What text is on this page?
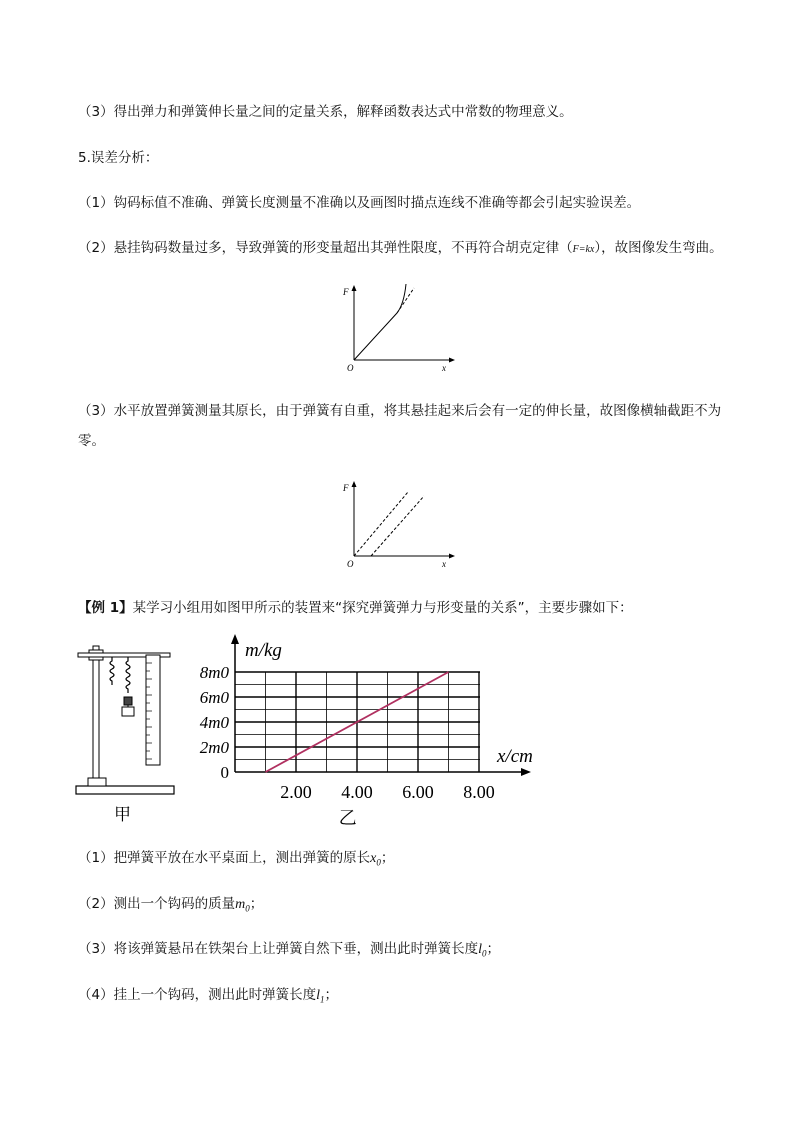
（3）得出弹力和弹簧伸长量之间的定量关系，解释函数表达式中常数的物理意义。
5.误差分析：
（1）钩码标值不准确、弹簧长度测量不准确以及画图时描点连线不准确等都会引起实验误差。
（2）悬挂钩码数量过多，导致弹簧的形变量超出其弹性限度，不再符合胡克定律（F=kx），故图像发生弯曲。
F
x
O
（3）水平放置弹簧测量其原长，由于弹簧有自重，将其悬挂起来后会有一定的伸长量，故图像横轴截距不为零。
F
x
O
【例 1】某学习小组用如图甲所示的装置来“探究弹簧弹力与形变量的关系”，主要步骤如下：
甲
m/kg
x/cm
0
2m0
4m0
6m0
8m0
2.00 4.00 6.00 8.00
乙
（1）把弹簧平放在水平桌面上，测出弹簧的原长$x_0$；
（2）测出一个钩码的质量$m_0$；
（3）将该弹簧悬吊在铁架台上让弹簧自然下垂，测出此时弹簧长度$l_0$；
（4）挂上一个钩码，测出此时弹簧长度$l_1$；
